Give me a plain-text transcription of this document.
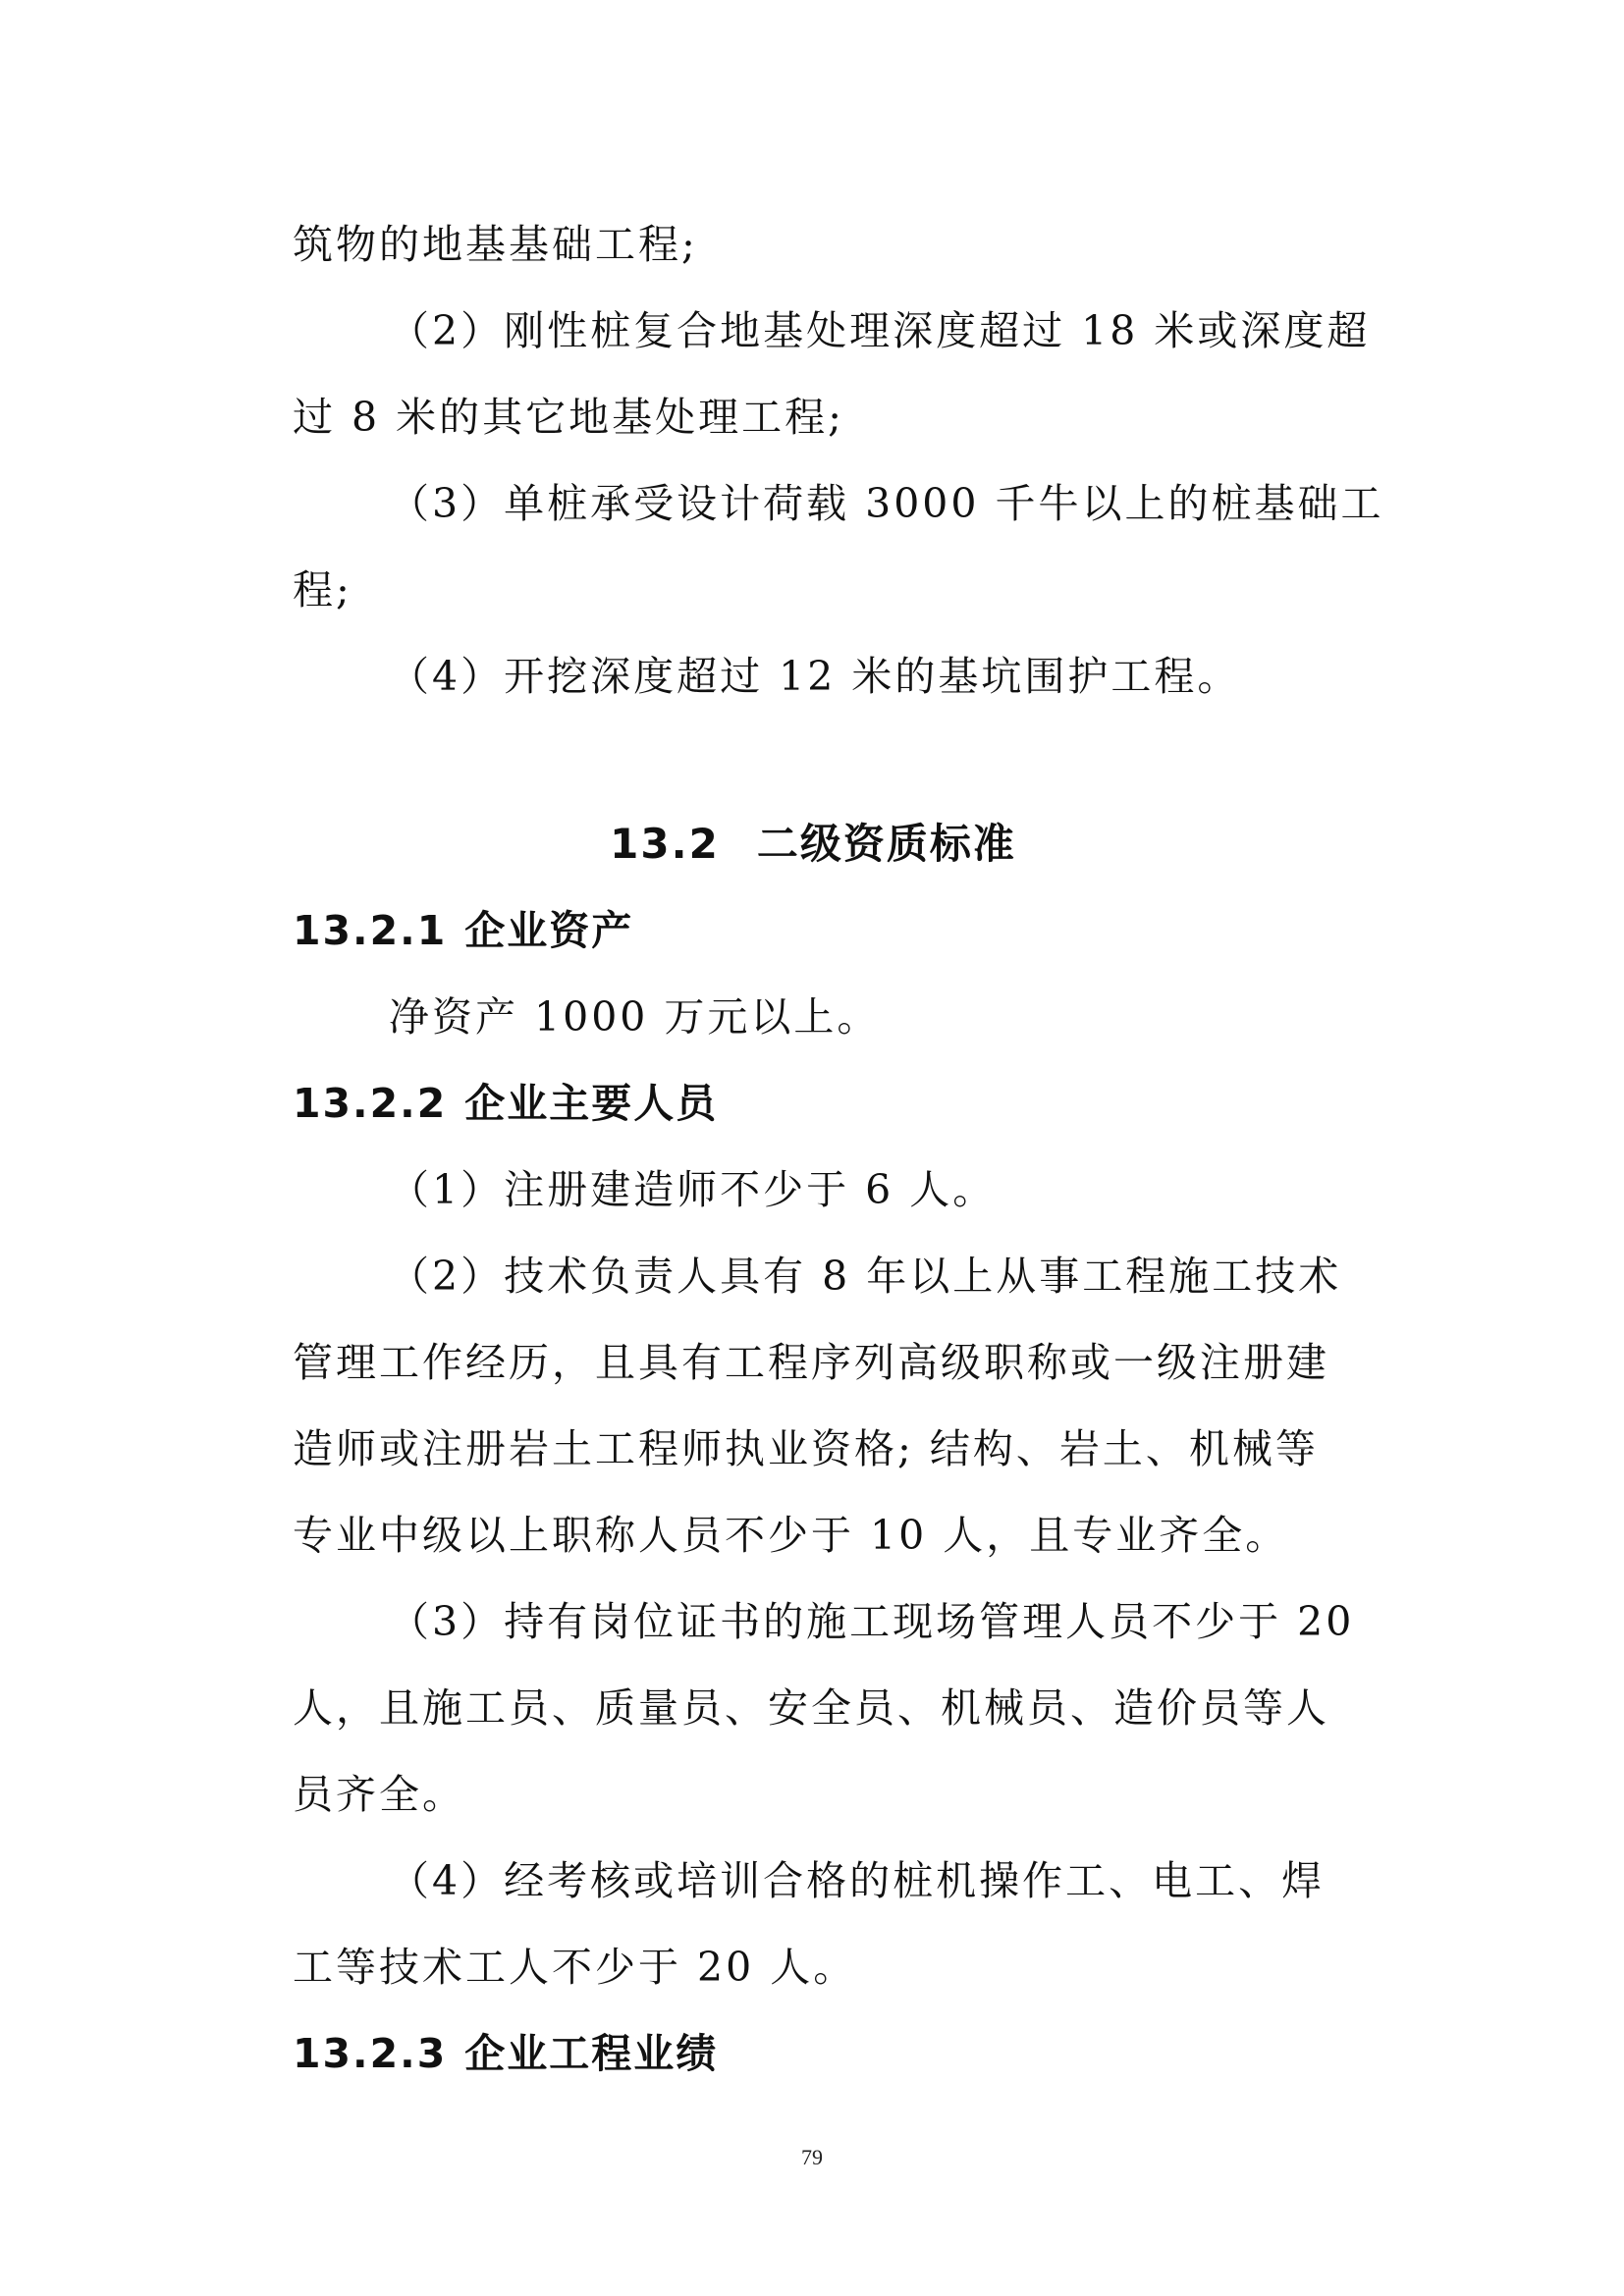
筑物的地基基础工程;
（2）刚性桩复合地基处理深度超过 18 米或深度超
过 8 米的其它地基处理工程;
（3）单桩承受设计荷载 3000 千牛以上的桩基础工
程;
（4）开挖深度超过 12 米的基坑围护工程。
13.2 二级资质标准
13.2.1 企业资产
净资产 1000 万元以上。
13.2.2 企业主要人员
（1）注册建造师不少于 6 人。
（2）技术负责人具有 8 年以上从事工程施工技术
管理工作经历，且具有工程序列高级职称或一级注册建
造师或注册岩土工程师执业资格; 结构、岩土、机械等
专业中级以上职称人员不少于 10 人，且专业齐全。
（3）持有岗位证书的施工现场管理人员不少于 20
人，且施工员、质量员、安全员、机械员、造价员等人
员齐全。
（4）经考核或培训合格的桩机操作工、电工、焊
工等技术工人不少于 20 人。
13.2.3 企业工程业绩
79
